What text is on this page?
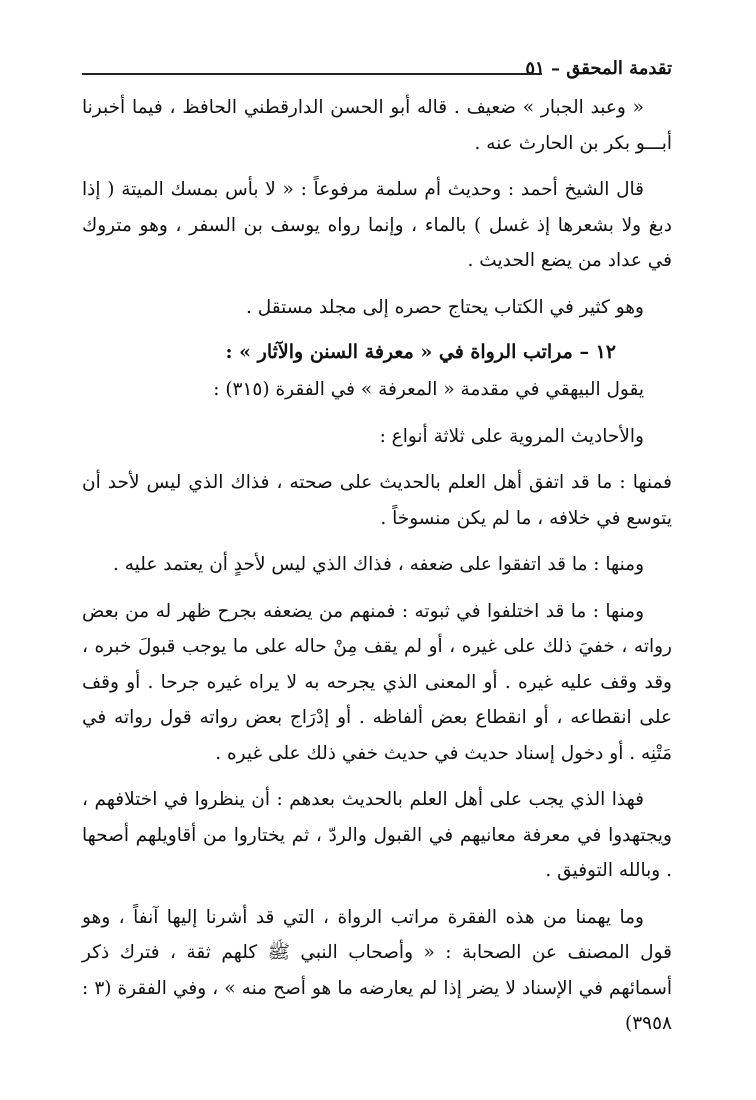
تقدمة المحقق – ٥١

« وعبد الجبار » ضعيف . قاله أبو الحسن الدارقطني الحافظ ، فيما أخبرنا أبـــو بكر بن الحارث عنه .

قال الشيخ أحمد : وحديث أم سلمة مرفوعاً : « لا بأس بمسك الميتة ( إذا دبغ ولا بشعرها إذ غسل ) بالماء ، وإنما رواه يوسف بن السفر ، وهو متروك في عداد من يضع الحديث .

وهو كثير في الكتاب يحتاج حصره إلى مجلد مستقل .

١٢ – مراتب الرواة في « معرفة السنن والآثار » :

يقول البيهقي في مقدمة « المعرفة » في الفقرة (٣١٥) :

والأحاديث المروية على ثلاثة أنواع :

فمنها : ما قد اتفق أهل العلم بالحديث على صحته ، فذاك الذي ليس لأحد أن يتوسع في خلافه ، ما لم يكن منسوخاً .

ومنها : ما قد اتفقوا على ضعفه ، فذاك الذي ليس لأحدٍ أن يعتمد عليه .

ومنها : ما قد اختلفوا في ثبوته : فمنهم من يضعفه بجرح ظهر له من بعض رواته ، خفيَ ذلك على غيره ، أو لم يقف مِنْ حاله على ما يوجب قبولَ خبره ، وقد وقف عليه غيره . أو المعنى الذي يجرحه به لا يراه غيره جرحا . أو وقف على انقطاعه ، أو انقطاع بعض ألفاظه . أو إدْرَاج بعض رواته قول رواته في مَتْنِه . أو دخول إسناد حديث في حديث خفي ذلك على غيره .

فهذا الذي يجب على أهل العلم بالحديث بعدهم : أن ينظروا في اختلافهم ، ويجتهدوا في معرفة معانيهم في القبول والردّ ، ثم يختاروا من أقاويلهم أصحها . وبالله التوفيق .

وما يهمنا من هذه الفقرة مراتب الرواة ، التي قد أشرنا إليها آنفاً ، وهو قول المصنف عن الصحابة : « وأصحاب النبي ﷺ كلهم ثقة ، فترك ذكر أسمائهم في الإسناد لا يضر إذا لم يعارضه ما هو أصح منه » ، وفي الفقرة (٣ : ٣٩٥٨)
